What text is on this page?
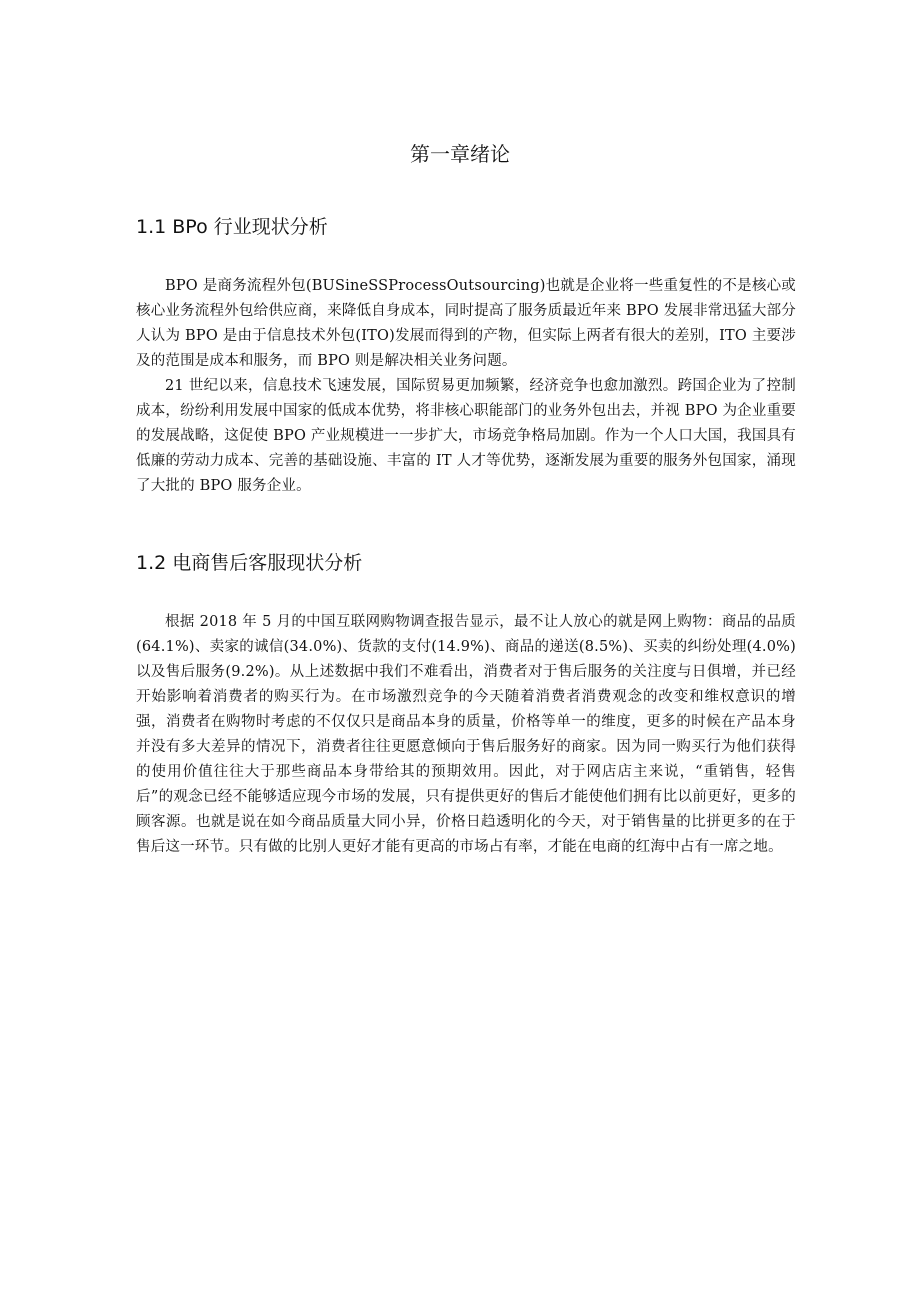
第一章绪论
1.1 BPo 行业现状分析

BPO 是商务流程外包(BUSineSSProcessOutsourcing)也就是企业将一些重复性的不是核心或核心业务流程外包给供应商，来降低自身成本，同时提高了服务质最近年来 BPO 发展非常迅猛大部分人认为 BPO 是由于信息技术外包(ITO)发展而得到的产物，但实际上两者有很大的差别，ITO 主要涉及的范围是成本和服务，而 BPO 则是解决相关业务问题。

21 世纪以来，信息技术飞速发展，国际贸易更加频繁，经济竞争也愈加激烈。跨国企业为了控制成本，纷纷利用发展中国家的低成本优势，将非核心职能部门的业务外包出去，并视 BPO 为企业重要的发展战略，这促使 BPO 产业规模进一一步扩大，市场竞争格局加剧。作为一个人口大国，我国具有低廉的劳动力成本、完善的基础设施、丰富的 IT 人才等优势，逐渐发展为重要的服务外包国家，涌现了大批的 BPO 服务企业。

1.2 电商售后客服现状分析

根据 2018 年 5 月的中国互联网购物调查报告显示，最不让人放心的就是网上购物：商品的品质(64.1%)、卖家的诚信(34.0%)、货款的支付(14.9%)、商品的递送(8.5%)、买卖的纠纷处理(4.0%)以及售后服务(9.2%)。从上述数据中我们不难看出，消费者对于售后服务的关注度与日俱增，并已经开始影响着消费者的购买行为。在市场激烈竞争的今天随着消费者消费观念的改变和维权意识的增强，消费者在购物时考虑的不仅仅只是商品本身的质量，价格等单一的维度，更多的时候在产品本身并没有多大差异的情况下，消费者往往更愿意倾向于售后服务好的商家。因为同一购买行为他们获得的使用价值往往大于那些商品本身带给其的预期效用。因此，对于网店店主来说，“重销售，轻售后”的观念已经不能够适应现今市场的发展，只有提供更好的售后才能使他们拥有比以前更好，更多的顾客源。也就是说在如今商品质量大同小异，价格日趋透明化的今天，对于销售量的比拼更多的在于售后这一环节。只有做的比别人更好才能有更高的市场占有率，才能在电商的红海中占有一席之地。
